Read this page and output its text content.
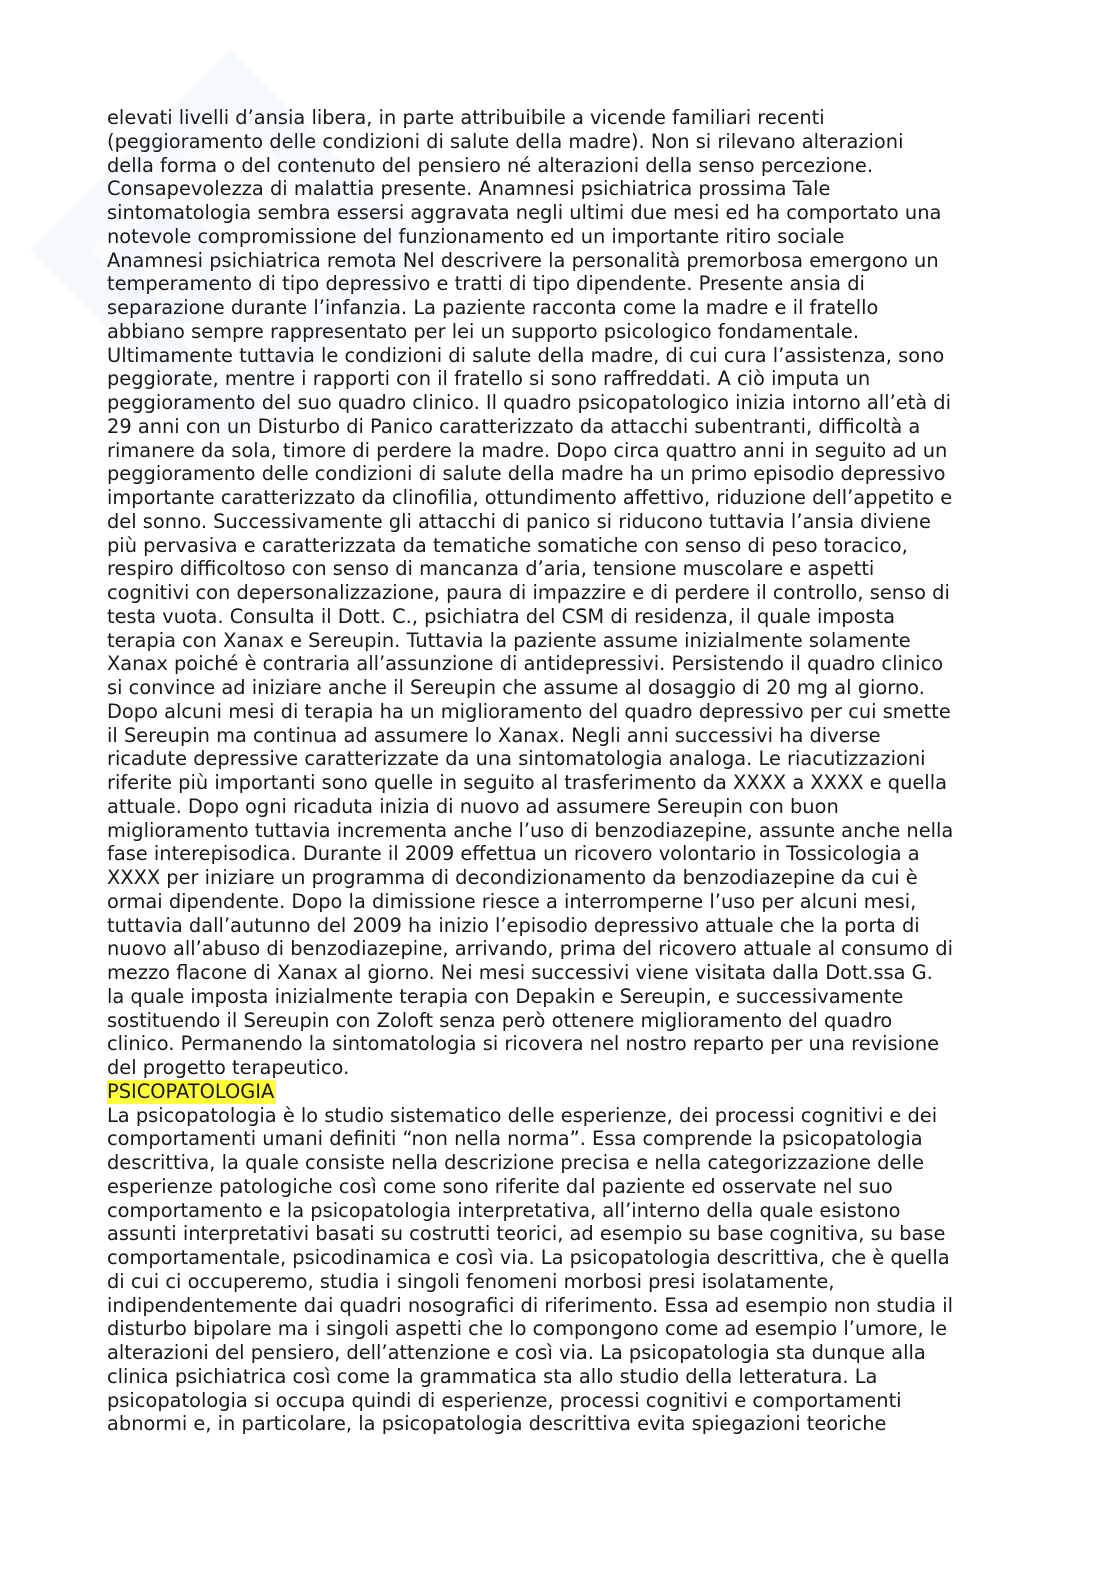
elevati livelli d’ansia libera, in parte attribuibile a vicende familiari recenti
(peggioramento delle condizioni di salute della madre). Non si rilevano alterazioni
della forma o del contenuto del pensiero né alterazioni della senso percezione.
Consapevolezza di malattia presente. Anamnesi psichiatrica prossima Tale
sintomatologia sembra essersi aggravata negli ultimi due mesi ed ha comportato una
notevole compromissione del funzionamento ed un importante ritiro sociale
Anamnesi psichiatrica remota Nel descrivere la personalità premorbosa emergono un
temperamento di tipo depressivo e tratti di tipo dipendente. Presente ansia di
separazione durante l’infanzia. La paziente racconta come la madre e il fratello
abbiano sempre rappresentato per lei un supporto psicologico fondamentale.
Ultimamente tuttavia le condizioni di salute della madre, di cui cura l’assistenza, sono
peggiorate, mentre i rapporti con il fratello si sono raffreddati. A ciò imputa un
peggioramento del suo quadro clinico. Il quadro psicopatologico inizia intorno all’età di
29 anni con un Disturbo di Panico caratterizzato da attacchi subentranti, difficoltà a
rimanere da sola, timore di perdere la madre. Dopo circa quattro anni in seguito ad un
peggioramento delle condizioni di salute della madre ha un primo episodio depressivo
importante caratterizzato da clinofilia, ottundimento affettivo, riduzione dell’appetito e
del sonno. Successivamente gli attacchi di panico si riducono tuttavia l’ansia diviene
più pervasiva e caratterizzata da tematiche somatiche con senso di peso toracico,
respiro difficoltoso con senso di mancanza d’aria, tensione muscolare e aspetti
cognitivi con depersonalizzazione, paura di impazzire e di perdere il controllo, senso di
testa vuota. Consulta il Dott. C., psichiatra del CSM di residenza, il quale imposta
terapia con Xanax e Sereupin. Tuttavia la paziente assume inizialmente solamente
Xanax poiché è contraria all’assunzione di antidepressivi. Persistendo il quadro clinico
si convince ad iniziare anche il Sereupin che assume al dosaggio di 20 mg al giorno.
Dopo alcuni mesi di terapia ha un miglioramento del quadro depressivo per cui smette
il Sereupin ma continua ad assumere lo Xanax. Negli anni successivi ha diverse
ricadute depressive caratterizzate da una sintomatologia analoga. Le riacutizzazioni
riferite più importanti sono quelle in seguito al trasferimento da XXXX a XXXX e quella
attuale. Dopo ogni ricaduta inizia di nuovo ad assumere Sereupin con buon
miglioramento tuttavia incrementa anche l’uso di benzodiazepine, assunte anche nella
fase interepisodica. Durante il 2009 effettua un ricovero volontario in Tossicologia a
XXXX per iniziare un programma di decondizionamento da benzodiazepine da cui è
ormai dipendente. Dopo la dimissione riesce a interromperne l’uso per alcuni mesi,
tuttavia dall’autunno del 2009 ha inizio l’episodio depressivo attuale che la porta di
nuovo all’abuso di benzodiazepine, arrivando, prima del ricovero attuale al consumo di
mezzo flacone di Xanax al giorno. Nei mesi successivi viene visitata dalla Dott.ssa G.
la quale imposta inizialmente terapia con Depakin e Sereupin, e successivamente
sostituendo il Sereupin con Zoloft senza però ottenere miglioramento del quadro
clinico. Permanendo la sintomatologia si ricovera nel nostro reparto per una revisione
del progetto terapeutico.
PSICOPATOLOGIA
La psicopatologia è lo studio sistematico delle esperienze, dei processi cognitivi e dei
comportamenti umani definiti “non nella norma”. Essa comprende la psicopatologia
descrittiva, la quale consiste nella descrizione precisa e nella categorizzazione delle
esperienze patologiche così come sono riferite dal paziente ed osservate nel suo
comportamento e la psicopatologia interpretativa, all’interno della quale esistono
assunti interpretativi basati su costrutti teorici, ad esempio su base cognitiva, su base
comportamentale, psicodinamica e così via. La psicopatologia descrittiva, che è quella
di cui ci occuperemo, studia i singoli fenomeni morbosi presi isolatamente,
indipendentemente dai quadri nosografici di riferimento. Essa ad esempio non studia il
disturbo bipolare ma i singoli aspetti che lo compongono come ad esempio l’umore, le
alterazioni del pensiero, dell’attenzione e così via. La psicopatologia sta dunque alla
clinica psichiatrica così come la grammatica sta allo studio della letteratura. La
psicopatologia si occupa quindi di esperienze, processi cognitivi e comportamenti
abnormi e, in particolare, la psicopatologia descrittiva evita spiegazioni teoriche
